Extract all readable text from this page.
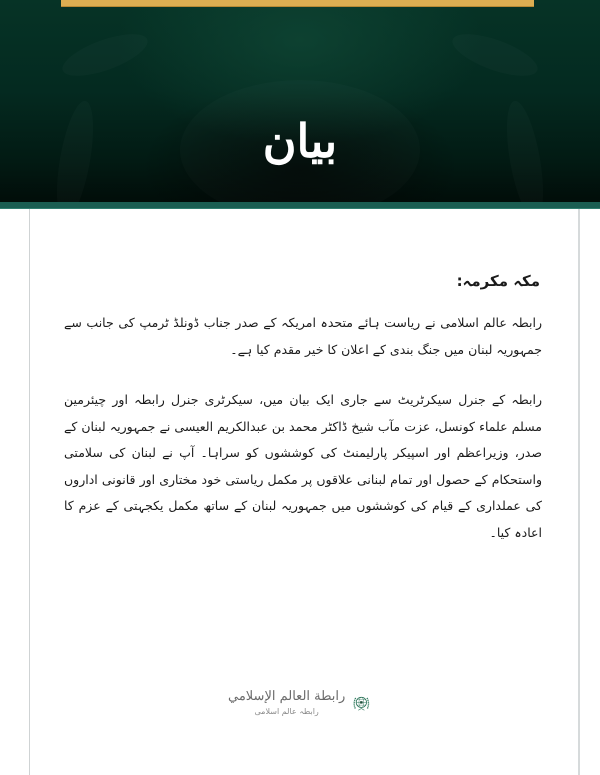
بیان

مکہ مکرمہ:

رابطہ عالم اسلامی نے ریاست ہائے متحدہ امریکہ کے صدر جناب ڈونلڈ ٹرمپ کی جانب سے جمہوریہ لبنان میں جنگ بندی کے اعلان کا خیر مقدم کیا ہے۔

رابطہ کے جنرل سیکرٹریٹ سے جاری ایک بیان میں، سیکرٹری جنرل رابطہ اور چیئرمین مسلم علماء کونسل، عزت مآب شیخ ڈاکٹر محمد بن عبدالکریم العیسی نے جمہوریہ لبنان کے صدر، وزیراعظم اور اسپیکر پارلیمنٹ کی کوششوں کو سراہا۔ آپ نے لبنان کی سلامتی واستحکام کے حصول اور تمام لبنانی علاقوں پر مکمل ریاستی خود مختاری اور قانونی اداروں کی عملداری کے قیام کی کوششوں میں جمہوریہ لبنان کے ساتھ مکمل یکجہتی کے عزم کا اعادہ کیا۔

رابطة العالم الإسلامي
رابطہ عالم اسلامی
